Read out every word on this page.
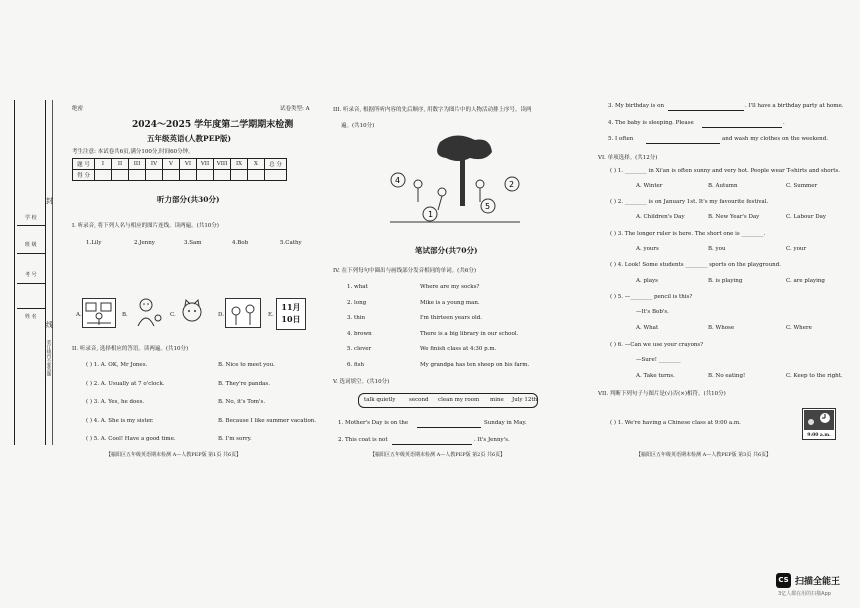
学 校
班 级
考 号
姓 名
装订线内不要答题
封
线
绝密	试卷类型: A
2024～2025 学年度第二学期期末检测
五年级英语(人教PEP版)
考生注意: 本试卷共6页,满分100分,时间60分钟。
题 号	I	II	III	IV	V	VI	VII	VIII	IX	X	总 分
得 分											
听力部分(共30分)
I. 听录音, 将下列人名与相应的图片连线。读两遍。(共10分)
1.Lily	2.Jenny	3.Sam	4.Bob	5.Cathy
A.	B.	C.	D.	E.
11月
10日
II. 听录音, 选择相应的答语。读两遍。(共10分)
( ) 1. A. OK, Mr Jones.	B. Nice to meet you.
( ) 2. A. Usually at 7 o'clock.	B. They're pandas.
( ) 3. A. Yes, he does.	B. No, it's Tom's.
( ) 4. A. She is my sister.	B. Because I like summer vacation.
( ) 5. A. Cool! Have a good time.	B. I'm sorry.
【榆阳区五年级英语期末检测 A—人教PEP版 第1页 共6页】
III. 听录音, 根据所听内容的先后顺序, 用数字为图片中的人物活动排上序号。读两
遍。(共10分)
4	2
1
5
笔试部分(共70分)
IV. 在下列每句中圈出与画线部分发音相同的单词。(共6分)
1. what	Where are my socks?
2. long	Mike is a young man.
3. thin	I'm thirteen years old.
4. brown	There is a big library in our school.
5. clever	We finish class at 4:30 p.m.
6. fish	My grandpa has ten sheep on his farm.
V. 选词填空。(共10分)
talk quietly second clean my room mine July 12th
1. Mother's Day is on the	Sunday in May.
2. This coat is not	. It's Jenny's.
【榆阳区五年级英语期末检测 A—人教PEP版 第2页 共6页】
3. My birthday is on	. I'll have a birthday party at home.
4. The baby is sleeping. Please	.
5. I often	and wash my clothes on the weekend.
VI. 单项选择。(共12分)
( ) 1. ________ in Xi'an is often sunny and very hot. People wear T-shirts and shorts.
A. Winter	B. Autumn	C. Summer
( ) 2. ________ is on January 1st. It's my favourite festival.
A. Children's Day	B. New Year's Day	C. Labour Day
( ) 3. The longer ruler is here. The short one is ________.
A. yours	B. you	C. your
( ) 4. Look! Some students ________ sports on the playground.
A. plays	B. is playing	C. are playing
( ) 5. —________ pencil is this?
—It's Bob's.
A. What	B. Whose	C. Where
( ) 6. —Can we use your crayons?
—Sure! ________
A. Take turns.	B. No eating!	C. Keep to the right.
VII. 判断下列句子与图片是(√)否(×)相符。(共10分)
( ) 1. We're having a Chinese class at 9:00 a.m.
9:00 a.m.
【榆阳区五年级英语期末检测 A—人教PEP版 第3页 共6页】
CS 扫描全能王
3亿人都在用的扫描App
